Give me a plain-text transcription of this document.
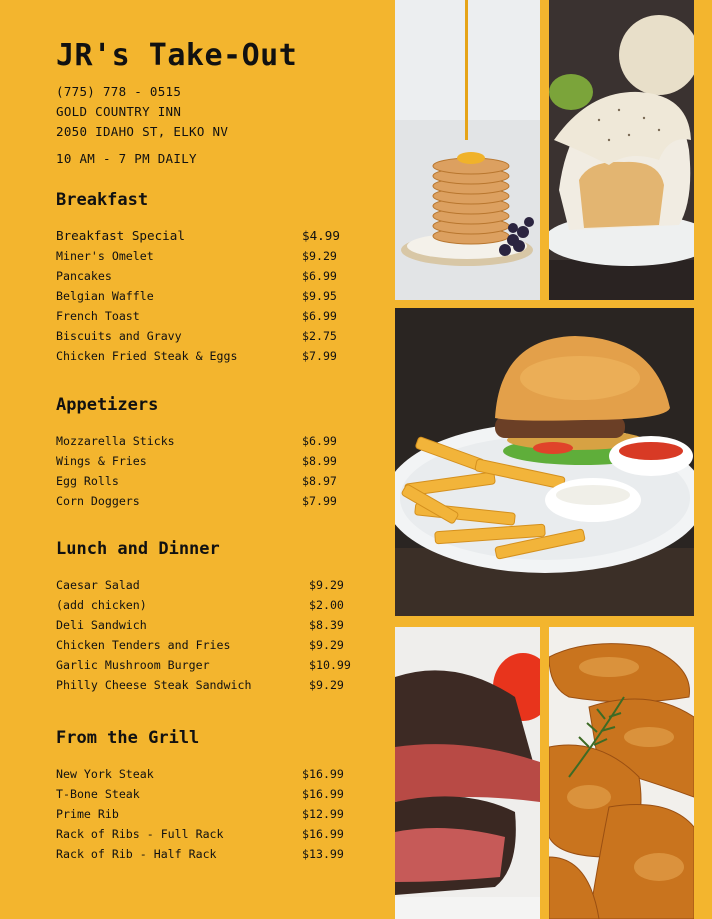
JR's Take-Out
(775) 778 - 0515
GOLD COUNTRY INN
2050 IDAHO ST, ELKO NV
10 AM - 7 PM DAILY
Breakfast
Breakfast Special	$4.99
Miner's Omelet	$9.29
Pancakes	$6.99
Belgian Waffle	$9.95
French Toast	$6.99
Biscuits and Gravy	$2.75
Chicken Fried Steak & Eggs	$7.99
Appetizers
Mozzarella Sticks	$6.99
Wings & Fries	$8.99
Egg Rolls	$8.97
Corn Doggers	$7.99
Lunch and Dinner
Caesar Salad	$9.29
(add chicken)	$2.00
Deli Sandwich	$8.39
Chicken Tenders and Fries	$9.29
Garlic Mushroom Burger	$10.99
Philly Cheese Steak Sandwich	$9.29
From the Grill
New York Steak	$16.99
T-Bone Steak	$16.99
Prime Rib	$12.99
Rack of Ribs - Full Rack	$16.99
Rack of Rib - Half Rack	$13.99
